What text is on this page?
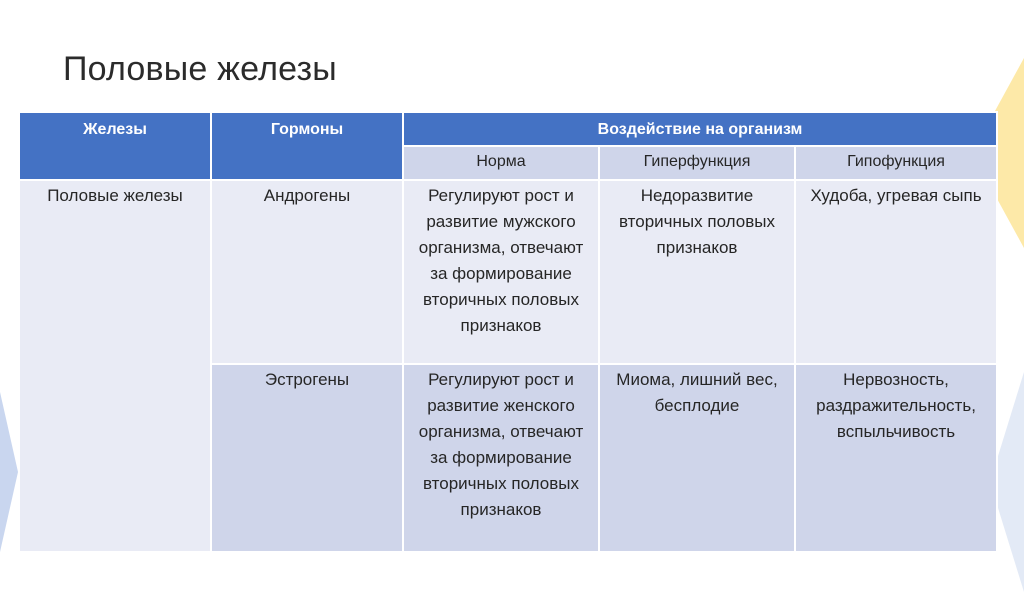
Половые железы
Железы	Гормоны	Воздействие на организм		
		Норма	Гиперфункция	Гипофункция
Половые железы	Андрогены	Регулируют рост и развитие мужского организма, отвечают за формирование вторичных половых признаков	Недоразвитие вторичных половых признаков	Худоба, угревая сыпь
	Эстрогены	Регулируют рост и развитие женского организма, отвечают за формирование вторичных половых признаков	Миома, лишний вес, бесплодие	Нервозность, раздражительность, вспыльчивость
